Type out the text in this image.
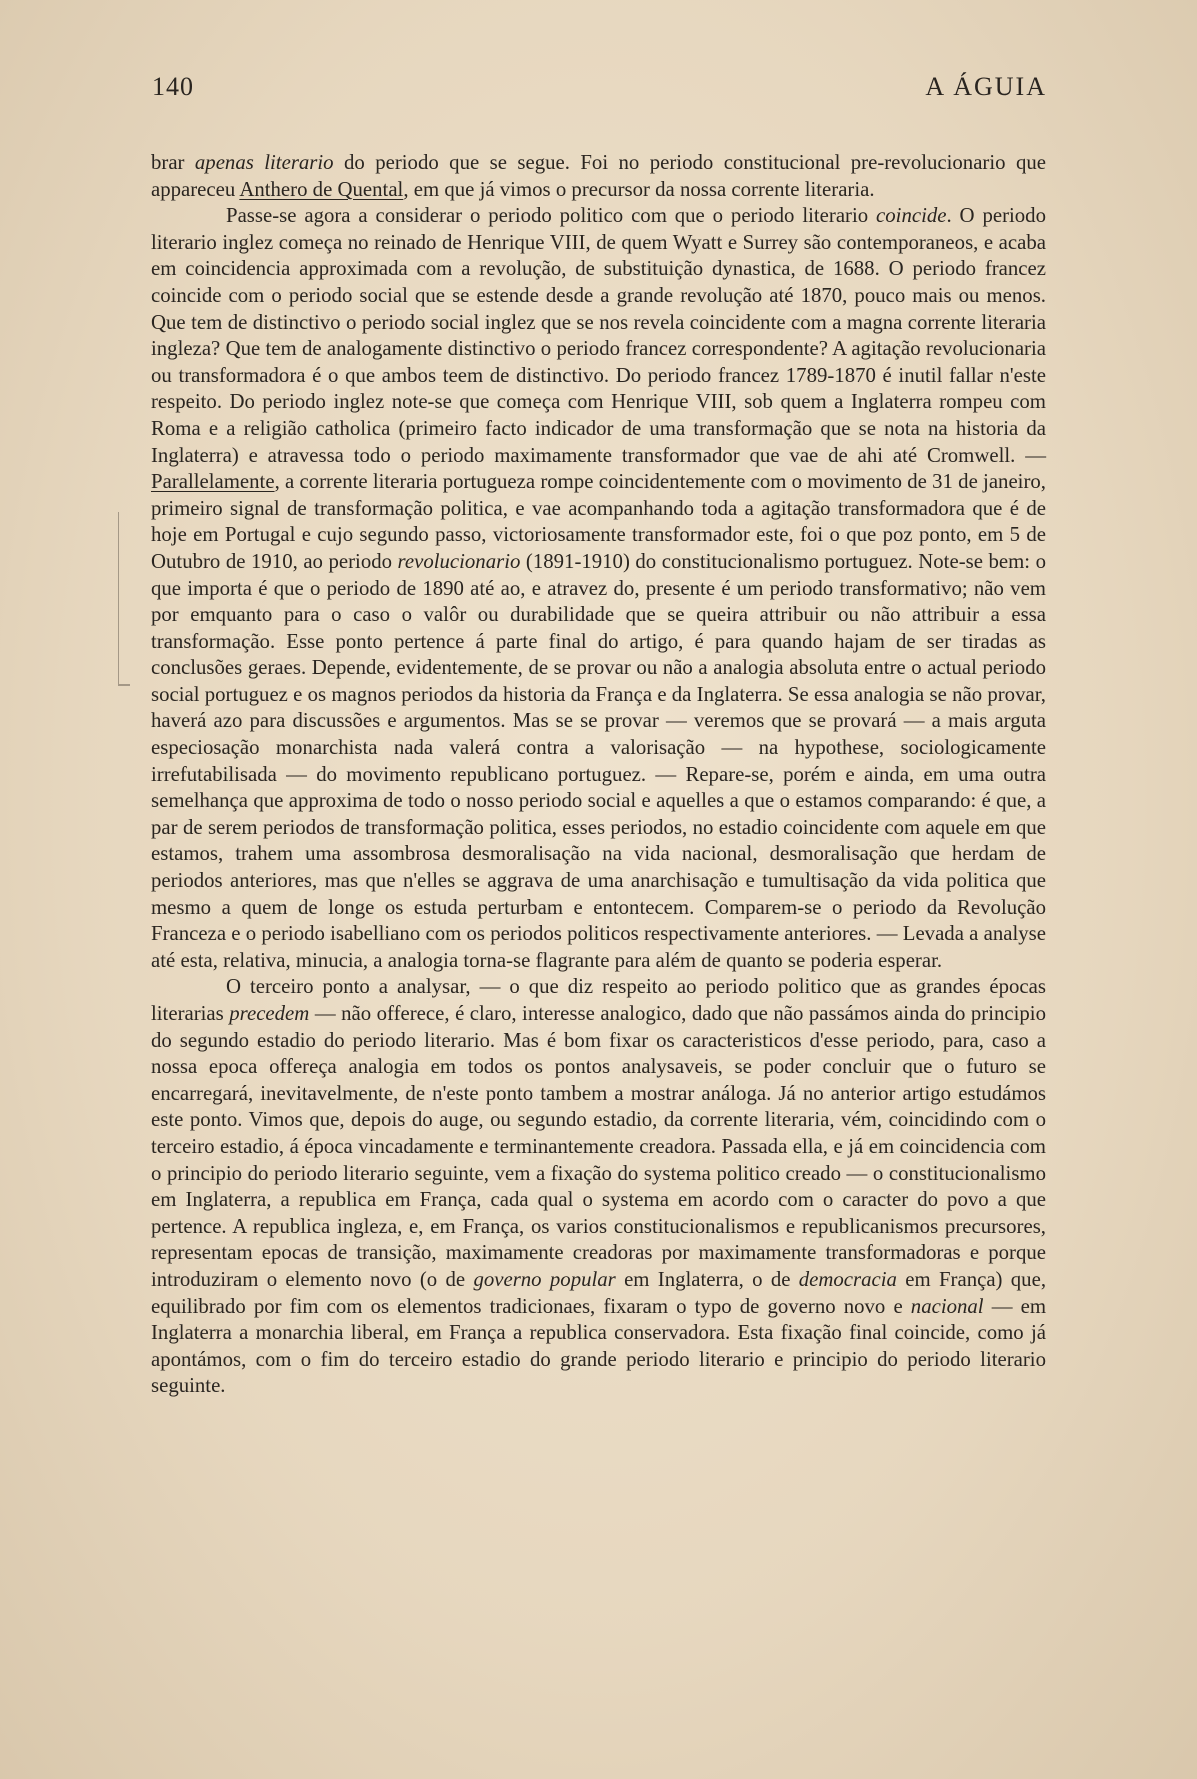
140	A ÁGUIA

brar apenas literario do periodo que se segue. Foi no periodo constitucional pre-revolucionario que appareceu Anthero de Quental, em que já vimos o precursor da nossa corrente literaria.

Passe-se agora a considerar o periodo politico com que o periodo literario coincide. O periodo literario inglez começa no reinado de Henrique VIII, de quem Wyatt e Surrey são contemporaneos, e acaba em coincidencia approximada com a revolução, de substituição dynastica, de 1688. O periodo francez coincide com o periodo social que se estende desde a grande revolução até 1870, pouco mais ou menos. Que tem de distinctivo o periodo social inglez que se nos revela coincidente com a magna corrente literaria ingleza? Que tem de analogamente distinctivo o periodo francez correspondente? A agitação revolucionaria ou transformadora é o que ambos teem de distinctivo. Do periodo francez 1789-1870 é inutil fallar n'este respeito. Do periodo inglez note-se que começa com Henrique VIII, sob quem a Inglaterra rompeu com Roma e a religião catholica (primeiro facto indicador de uma transformação que se nota na historia da Inglaterra) e atravessa todo o periodo maximamente transformador que vae de ahi até Cromwell. — Parallelamente, a corrente literaria portugueza rompe coincidentemente com o movimento de 31 de janeiro, primeiro signal de transformação politica, e vae acompanhando toda a agitação transformadora que é de hoje em Portugal e cujo segundo passo, victoriosamente transformador este, foi o que poz ponto, em 5 de Outubro de 1910, ao periodo revolucionario (1891-1910) do constitucionalismo portuguez. Note-se bem: o que importa é que o periodo de 1890 até ao, e atravez do, presente é um periodo transformativo; não vem por emquanto para o caso o valôr ou durabilidade que se queira attribuir ou não attribuir a essa transformação. Esse ponto pertence á parte final do artigo, é para quando hajam de ser tiradas as conclusões geraes. Depende, evidentemente, de se provar ou não a analogia absoluta entre o actual periodo social portuguez e os magnos periodos da historia da França e da Inglaterra. Se essa analogia se não provar, haverá azo para discussões e argumentos. Mas se se provar — veremos que se provará — a mais arguta especiosação monarchista nada valerá contra a valorisação — na hypothese, sociologicamente irrefutabilisada — do movimento republicano portuguez. — Repare-se, porém e ainda, em uma outra semelhança que approxima de todo o nosso periodo social e aquelles a que o estamos comparando: é que, a par de serem periodos de transformação politica, esses periodos, no estadio coincidente com aquele em que estamos, trahem uma assombrosa desmoralisação na vida nacional, desmoralisação que herdam de periodos anteriores, mas que n'elles se aggrava de uma anarchisação e tumultisação da vida politica que mesmo a quem de longe os estuda perturbam e entontecem. Comparem-se o periodo da Revolução Franceza e o periodo isabelliano com os periodos politicos respectivamente anteriores. — Levada a analyse até esta, relativa, minucia, a analogia torna-se flagrante para além de quanto se poderia esperar.

O terceiro ponto a analysar, — o que diz respeito ao periodo politico que as grandes épocas literarias precedem — não offerece, é claro, interesse analogico, dado que não passámos ainda do principio do segundo estadio do periodo literario. Mas é bom fixar os caracteristicos d'esse periodo, para, caso a nossa epoca offereça analogia em todos os pontos analysaveis, se poder concluir que o futuro se encarregará, inevitavelmente, de n'este ponto tambem a mostrar análoga. Já no anterior artigo estudámos este ponto. Vimos que, depois do auge, ou segundo estadio, da corrente literaria, vém, coincidindo com o terceiro estadio, á época vincadamente e terminantemente creadora. Passada ella, e já em coincidencia com o principio do periodo literario seguinte, vem a fixação do systema politico creado — o constitucionalismo em Inglaterra, a republica em França, cada qual o systema em acordo com o caracter do povo a que pertence. A republica ingleza, e, em França, os varios constitucionalismos e republicanismos precursores, representam epocas de transição, maximamente creadoras por maximamente transformadoras e porque introduziram o elemento novo (o de governo popular em Inglaterra, o de democracia em França) que, equilibrado por fim com os elementos tradicionaes, fixaram o typo de governo novo e nacional — em Inglaterra a monarchia liberal, em França a republica conservadora. Esta fixação final coincide, como já apontámos, com o fim do terceiro estadio do grande periodo literario e principio do periodo literario seguinte.
